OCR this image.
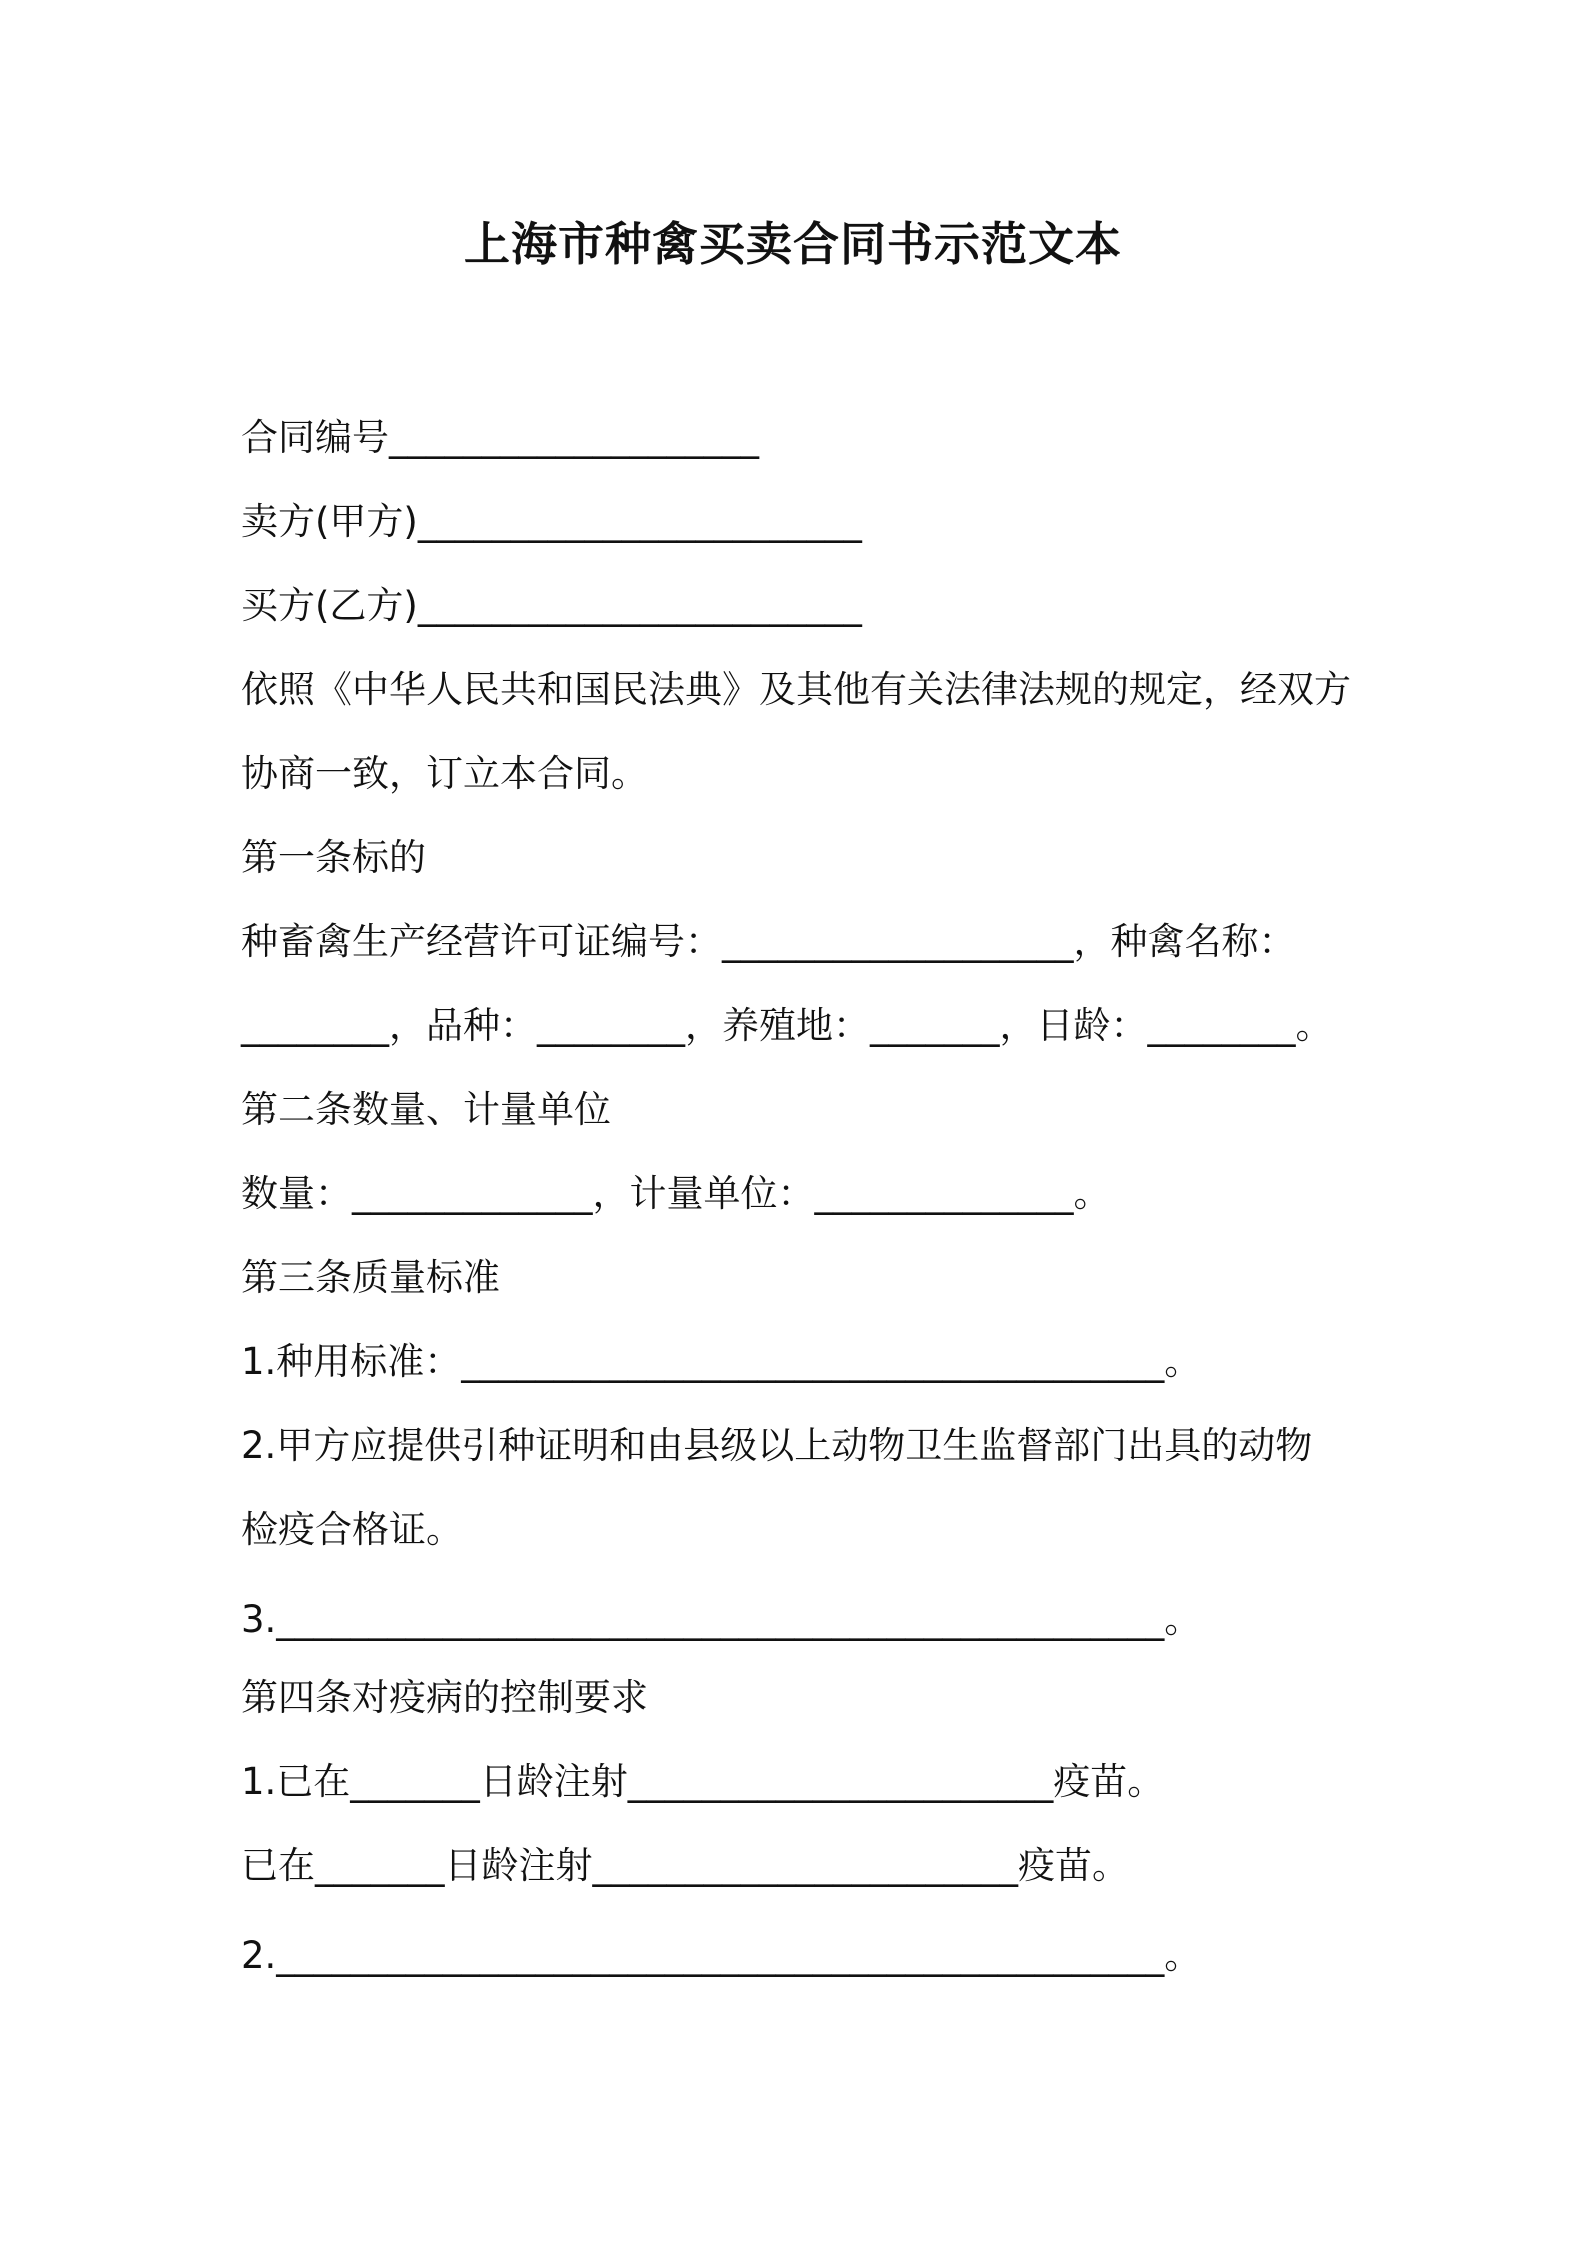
上海市种禽买卖合同书示范文本
合同编号____________________
卖方(甲方)________________________
买方(乙方)________________________
依照《中华人民共和国民法典》及其他有关法律法规的规定，经双方
协商一致，订立本合同。
第一条标的
种畜禽生产经营许可证编号：___________________，种禽名称：
________，品种：________，养殖地：_______，日龄：________。
第二条数量、计量单位
数量：_____________，计量单位：______________。
第三条质量标准
1.种用标准：______________________________________。
2.甲方应提供引种证明和由县级以上动物卫生监督部门出具的动物
检疫合格证。
3.________________________________________________。
第四条对疫病的控制要求
1.已在_______日龄注射_______________________疫苗。
已在_______日龄注射_______________________疫苗。
2.________________________________________________。
